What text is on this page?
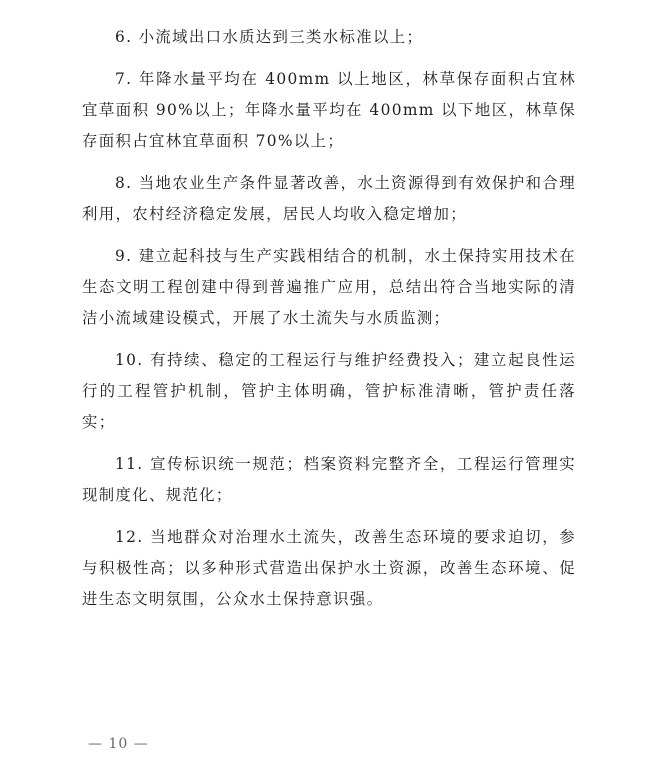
6. 小流域出口水质达到三类水标准以上；

7. 年降水量平均在 400mm 以上地区，林草保存面积占宜林宜草面积 90%以上；年降水量平均在 400mm 以下地区，林草保存面积占宜林宜草面积 70%以上；

8. 当地农业生产条件显著改善，水土资源得到有效保护和合理利用，农村经济稳定发展，居民人均收入稳定增加；

9. 建立起科技与生产实践相结合的机制，水土保持实用技术在生态文明工程创建中得到普遍推广应用，总结出符合当地实际的清洁小流域建设模式，开展了水土流失与水质监测；

10. 有持续、稳定的工程运行与维护经费投入；建立起良性运行的工程管护机制，管护主体明确，管护标准清晰，管护责任落实；

11. 宣传标识统一规范；档案资料完整齐全，工程运行管理实现制度化、规范化；

12. 当地群众对治理水土流失，改善生态环境的要求迫切，参与积极性高；以多种形式营造出保护水土资源，改善生态环境、促进生态文明氛围，公众水土保持意识强。

— 10 —
